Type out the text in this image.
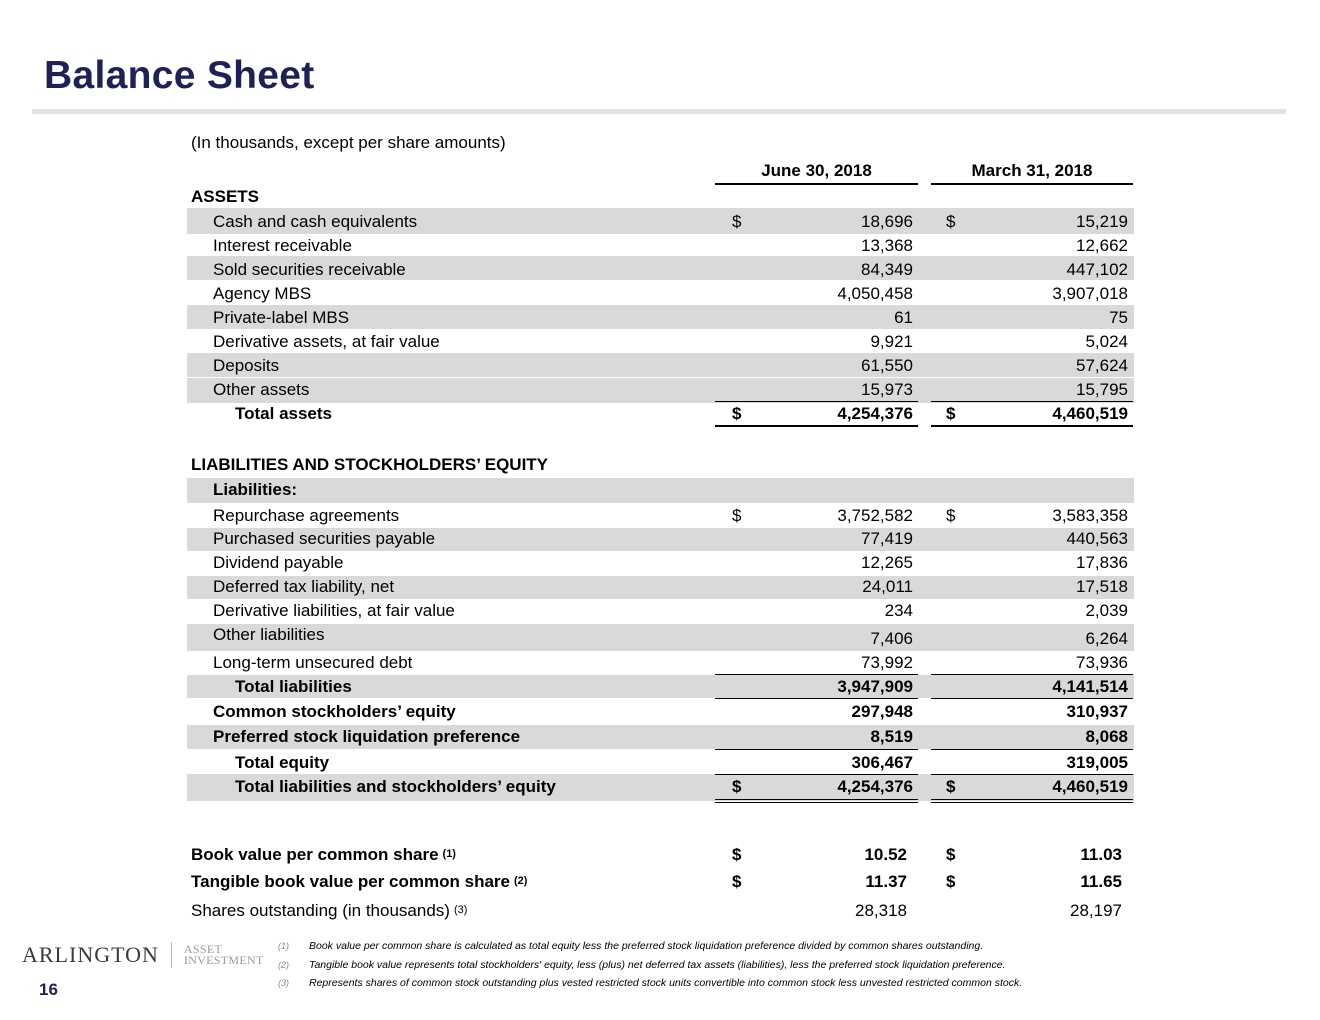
Balance Sheet
(In thousands, except per share amounts)
June 30, 2018	March 31, 2018
ASSETS
Cash and cash equivalents	$	18,696 $	15,219
Interest receivable	13,368	12,662
Sold securities receivable	84,349	447,102
Agency MBS	4,050,458	3,907,018
Private-label MBS	61	75
Derivative assets, at fair value	9,921	5,024
Deposits	61,550	57,624
Other assets	15,973	15,795
Total assets	$	4,254,376 $	4,460,519
LIABILITIES AND STOCKHOLDERS’ EQUITY
Liabilities:
Repurchase agreements	$	3,752,582 $	3,583,358
Purchased securities payable	77,419	440,563
Dividend payable	12,265	17,836
Deferred tax liability, net	24,011	17,518
Derivative liabilities, at fair value	234	2,039
Other liabilities	7,406	6,264
Long-term unsecured debt	73,992	73,936
Total liabilities	3,947,909	4,141,514
Common stockholders’ equity	297,948	310,937
Preferred stock liquidation preference	8,519	8,068
Total equity	306,467	319,005
Total liabilities and stockholders’ equity	$	4,254,376 $	4,460,519
Book value per common share $^{(1)}$	$	10.52 $	11.03
Tangible book value per common share $^{(2)}$	$	11.37 $	11.65
Shares outstanding (in thousands) $^{(3)}$	28,318	28,197
ARLINGTON ASSET
INVESTMENT
16
(1) Book value per common share is calculated as total equity less the preferred stock liquidation preference divided by common shares outstanding.
(2) Tangible book value represents total stockholders' equity, less (plus) net deferred tax assets (liabilities), less the preferred stock liquidation preference.
(3) Represents shares of common stock outstanding plus vested restricted stock units convertible into common stock less unvested restricted common stock.
